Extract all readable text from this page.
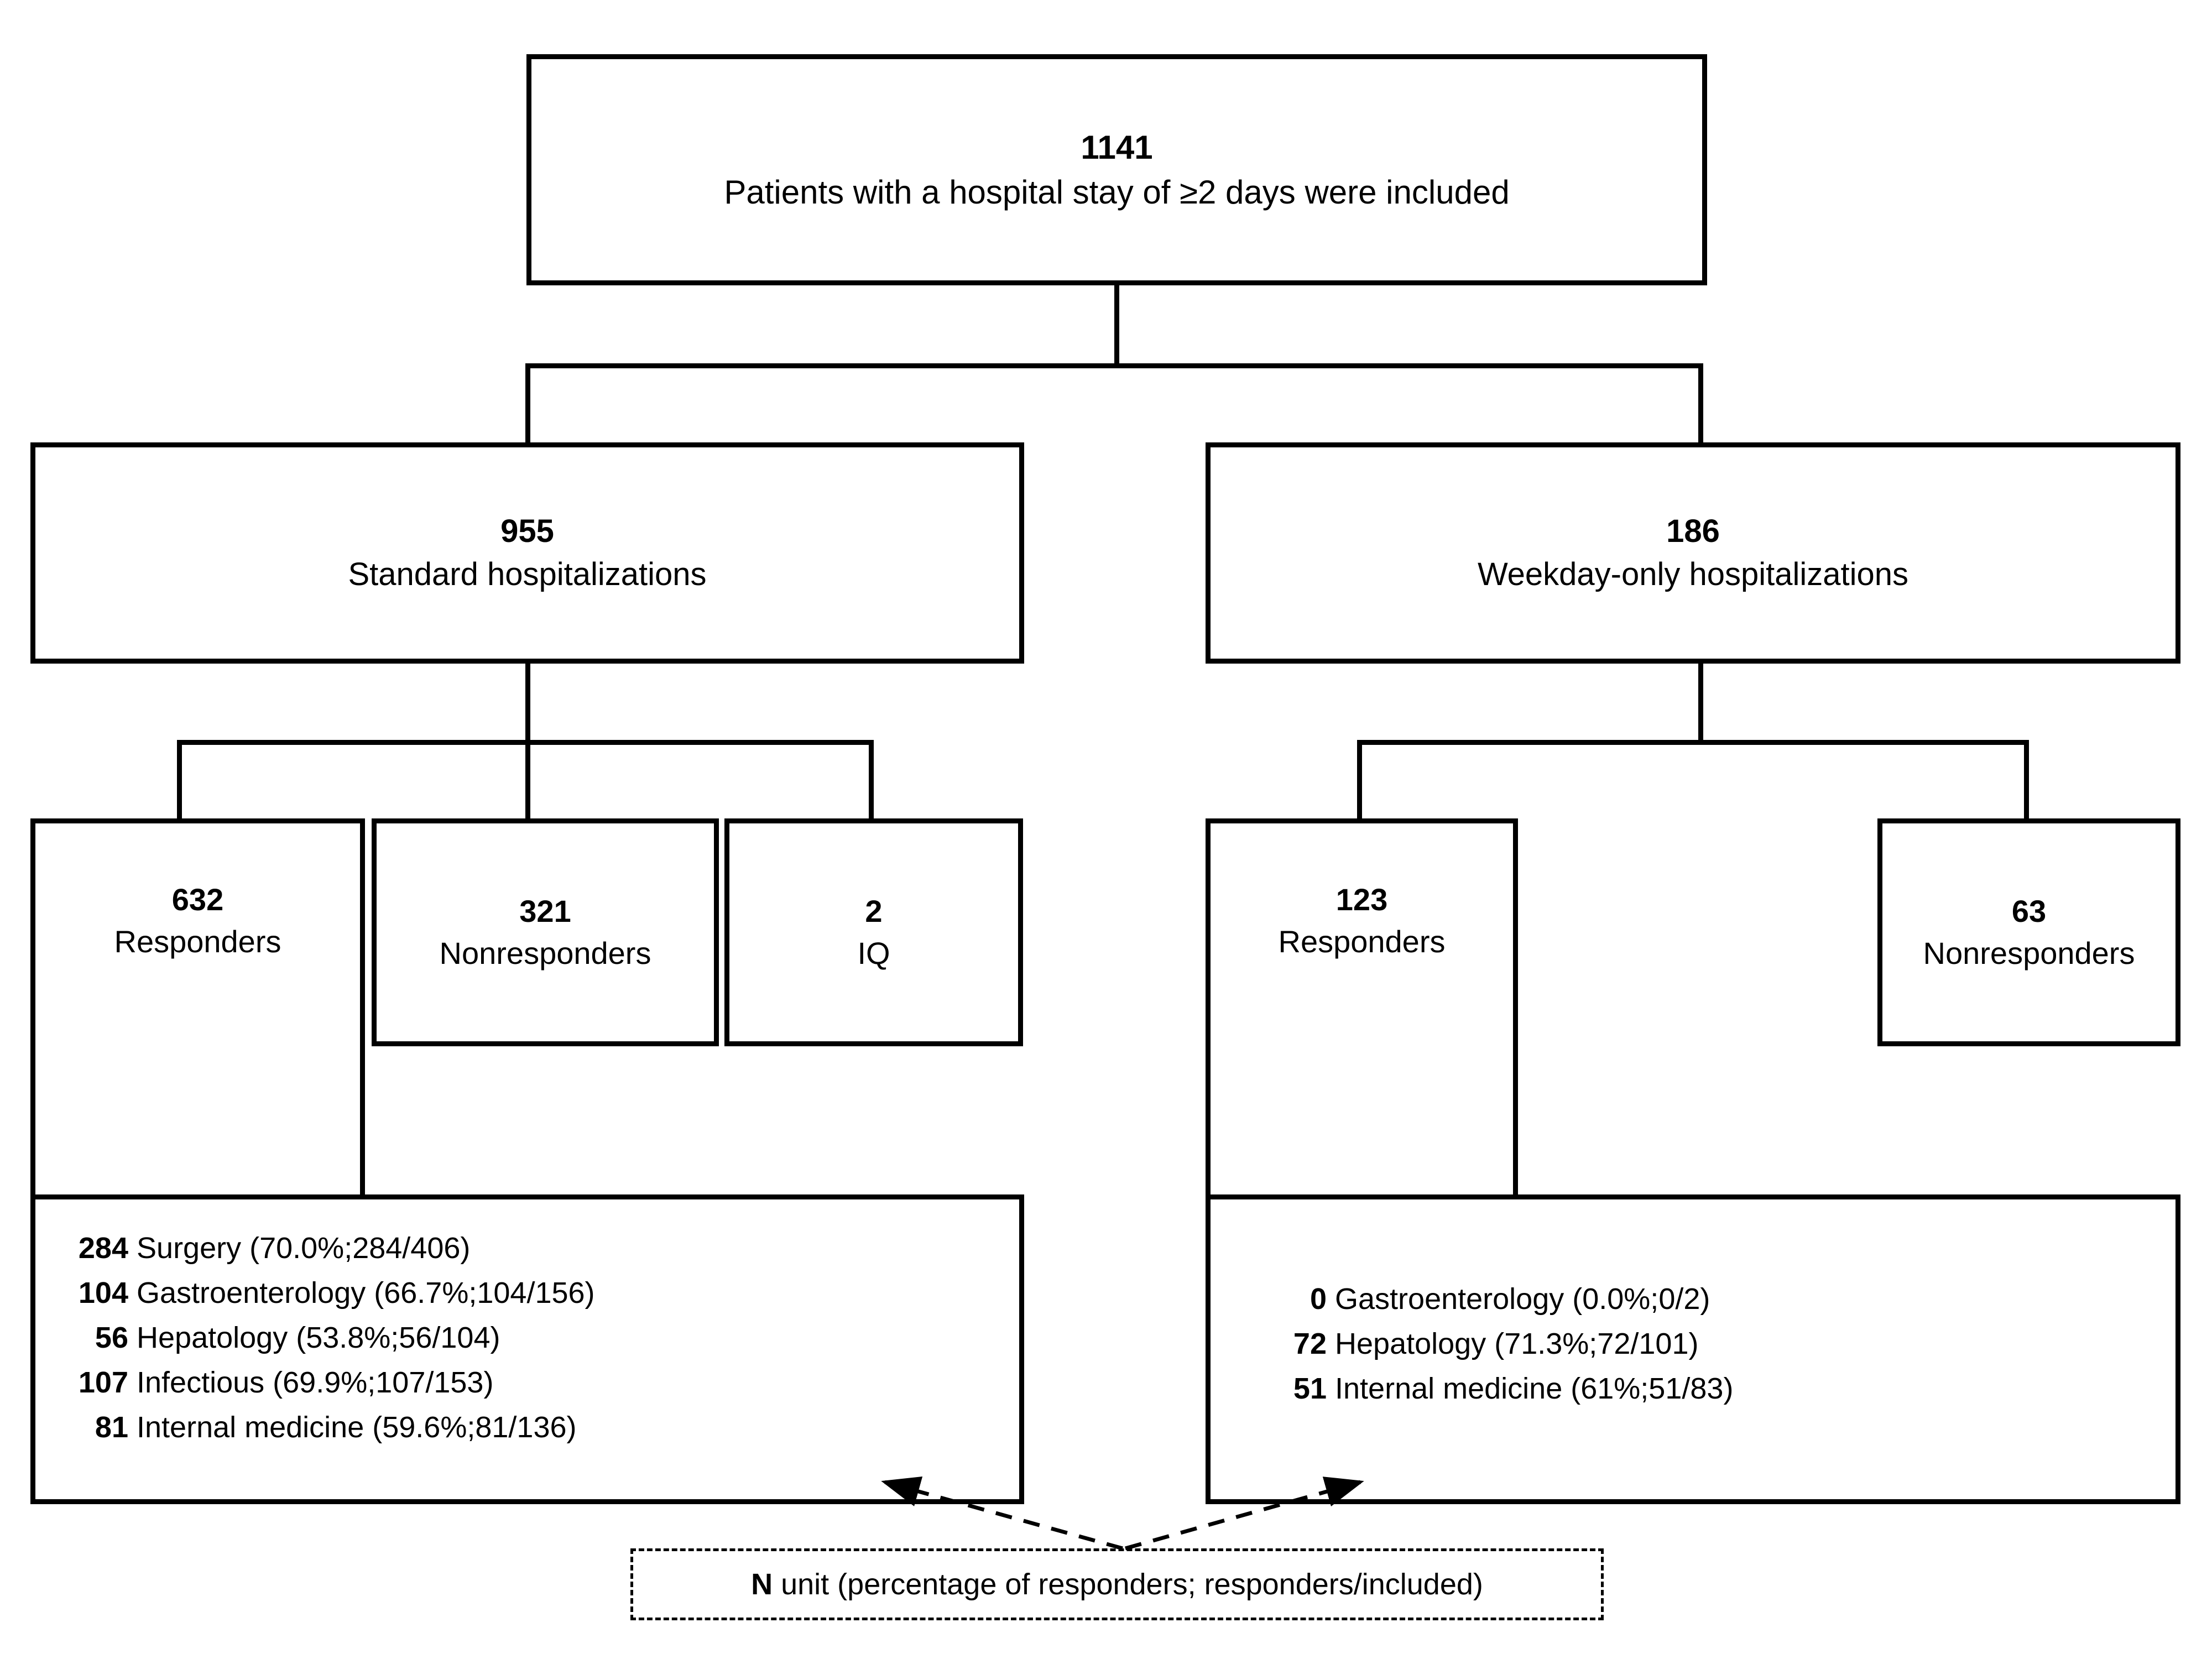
1141
Patients with a hospital stay of ≥2 days were included
955
Standard hospitalizations
186
Weekday-only hospitalizations
632
Responders
321
Nonresponders
2
IQ
123
Responders
63
Nonresponders
284 Surgery (70.0%;284/406)
104 Gastroenterology (66.7%;104/156)
56 Hepatology (53.8%;56/104)
107 Infectious (69.9%;107/153)
81 Internal medicine (59.6%;81/136)
0 Gastroenterology (0.0%;0/2)
72 Hepatology (71.3%;72/101)
51 Internal medicine (61%;51/83)
N unit (percentage of responders; responders/included)
